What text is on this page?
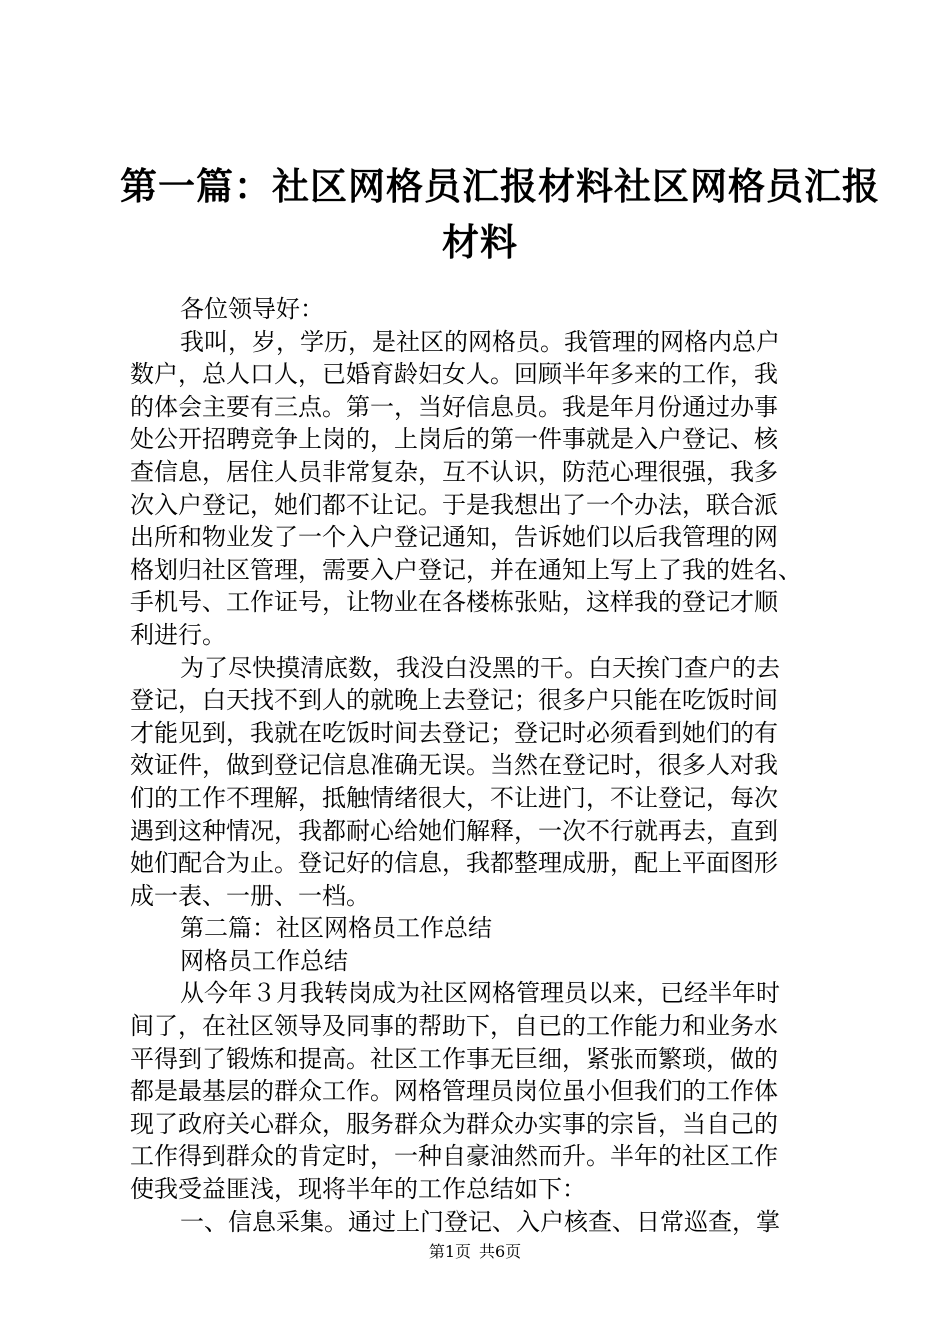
第一篇：社区网格员汇报材料社区网格员汇报
材料

各位领导好：

我叫，岁，学历，是社区的网格员。我管理的网格内总户
数户，总人口人，已婚育龄妇女人。回顾半年多来的工作，我
的体会主要有三点。第一，当好信息员。我是年月份通过办事
处公开招聘竞争上岗的，上岗后的第一件事就是入户登记、核
查信息，居住人员非常复杂，互不认识，防范心理很强，我多
次入户登记，她们都不让记。于是我想出了一个办法，联合派
出所和物业发了一个入户登记通知，告诉她们以后我管理的网
格划归社区管理，需要入户登记，并在通知上写上了我的姓名、
手机号、工作证号，让物业在各楼栋张贴，这样我的登记才顺
利进行。

为了尽快摸清底数，我没白没黑的干。白天挨门查户的去
登记，白天找不到人的就晚上去登记；很多户只能在吃饭时间
才能见到，我就在吃饭时间去登记；登记时必须看到她们的有
效证件，做到登记信息准确无误。当然在登记时，很多人对我
们的工作不理解，抵触情绪很大，不让进门，不让登记，每次
遇到这种情况，我都耐心给她们解释，一次不行就再去，直到
她们配合为止。登记好的信息，我都整理成册，配上平面图形
成一表、一册、一档。

第二篇：社区网格员工作总结

网格员工作总结

从今年３月我转岗成为社区网格管理员以来，已经半年时
间了，在社区领导及同事的帮助下，自已的工作能力和业务水
平得到了锻炼和提高。社区工作事无巨细，紧张而繁琐，做的
都是最基层的群众工作。网格管理员岗位虽小但我们的工作体
现了政府关心群众，服务群众为群众办实事的宗旨，当自己的
工作得到群众的肯定时，一种自豪油然而升。半年的社区工作
使我受益匪浅，现将半年的工作总结如下：

一、信息采集。通过上门登记、入户核查、日常巡查，掌

第1页 共6页
